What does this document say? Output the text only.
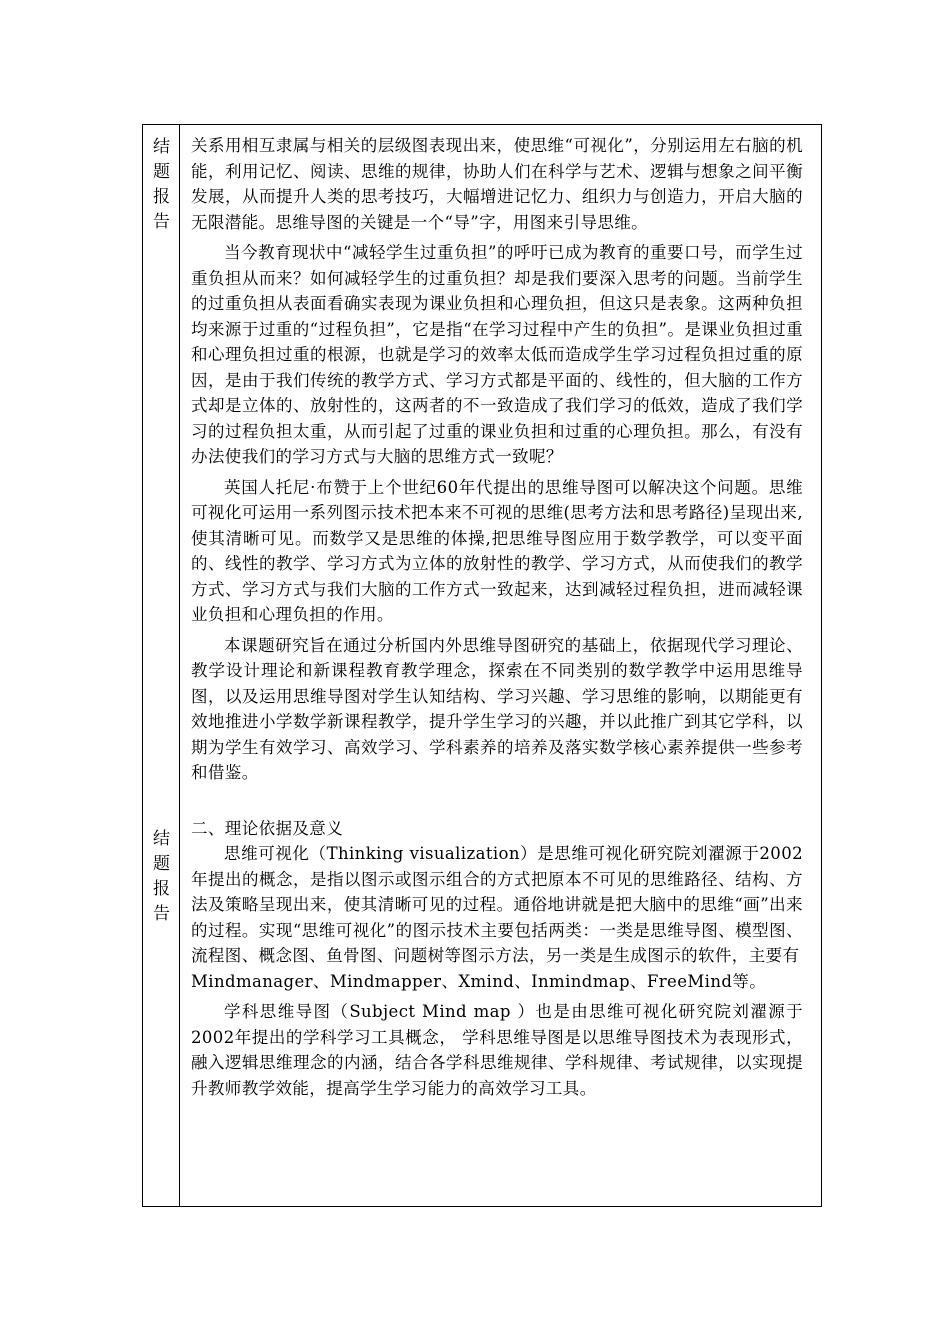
结
题
报
告
结
题
报
告

关系用相互隶属与相关的层级图表现出来，使思维“可视化”，分别运用左右脑的机能，利用记忆、阅读、思维的规律，协助人们在科学与艺术、逻辑与想象之间平衡发展，从而提升人类的思考技巧，大幅增进记忆力、组织力与创造力，开启大脑的无限潜能。思维导图的关键是一个“导”字，用图来引导思维。

当今教育现状中“减轻学生过重负担”的呼吁已成为教育的重要口号，而学生过重负担从而来？如何减轻学生的过重负担？却是我们要深入思考的问题。当前学生的过重负担从表面看确实表现为课业负担和心理负担，但这只是表象。这两种负担均来源于过重的“过程负担”，它是指“在学习过程中产生的负担”。是课业负担过重和心理负担过重的根源，也就是学习的效率太低而造成学生学习过程负担过重的原因，是由于我们传统的教学方式、学习方式都是平面的、线性的，但大脑的工作方式却是立体的、放射性的，这两者的不一致造成了我们学习的低效，造成了我们学习的过程负担太重，从而引起了过重的课业负担和过重的心理负担。那么，有没有办法使我们的学习方式与大脑的思维方式一致呢？

英国人托尼·布赞于上个世纪60年代提出的思维导图可以解决这个问题。思维可视化可运用一系列图示技术把本来不可视的思维(思考方法和思考路径)呈现出来,使其清晰可见。而数学又是思维的体操,把思维导图应用于数学教学，可以变平面的、线性的教学、学习方式为立体的放射性的教学、学习方式，从而使我们的教学方式、学习方式与我们大脑的工作方式一致起来，达到减轻过程负担，进而减轻课业负担和心理负担的作用。

本课题研究旨在通过分析国内外思维导图研究的基础上，依据现代学习理论、教学设计理论和新课程教育教学理念，探索在不同类别的数学教学中运用思维导图，以及运用思维导图对学生认知结构、学习兴趣、学习思维的影响，以期能更有效地推进小学数学新课程教学，提升学生学习的兴趣，并以此推广到其它学科，以期为学生有效学习、高效学习、学科素养的培养及落实数学核心素养提供一些参考和借鉴。

二、理论依据及意义

思维可视化（Thinking visualization）是思维可视化研究院刘濯源于2002年提出的概念，是指以图示或图示组合的方式把原本不可见的思维路径、结构、方法及策略呈现出来，使其清晰可见的过程。通俗地讲就是把大脑中的思维“画”出来的过程。实现“思维可视化”的图示技术主要包括两类：一类是思维导图、模型图、流程图、概念图、鱼骨图、问题树等图示方法，另一类是生成图示的软件，主要有

Mindmanager、Mindmapper、Xmind、Inmindmap、FreeMind等。

学科思维导图（Subject Mind map ）也是由思维可视化研究院刘濯源于2002年提出的学科学习工具概念， 学科思维导图是以思维导图技术为表现形式，融入逻辑思维理念的内涵，结合各学科思维规律、学科规律、考试规律，以实现提升教师教学效能，提高学生学习能力的高效学习工具。
